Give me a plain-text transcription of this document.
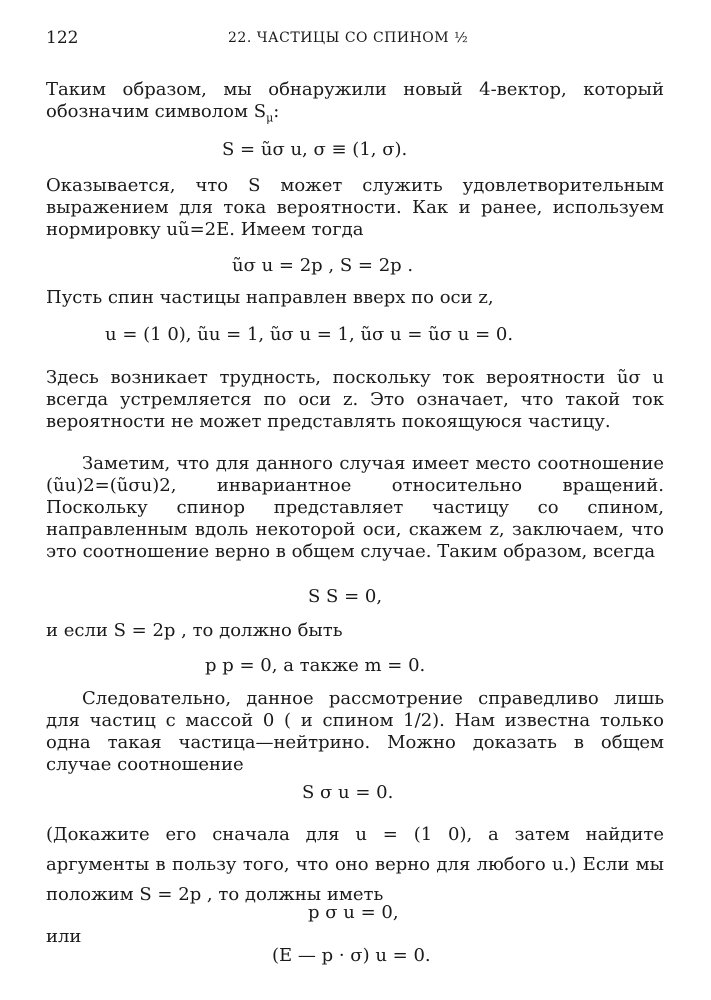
122	22. ЧАСТИЦЫ СО СПИНОМ ½

Таким образом, мы обнаружили новый 4-вектор, который обозначим символом $S_\mu$:

S = ũσ u, σ ≡ (1, σ).

Оказывается, что S может служить удовлетворительным выражением для тока вероятности. Как и ранее, используем нормировку uũ=2E. Имеем тогда

ũσ u = 2p , S = 2p .

Пусть спин частицы направлен вверх по оси z,

u = (1 0), ũu = 1, ũσ u = 1, ũσ u = ũσ u = 0.

Здесь возникает трудность, поскольку ток вероятности ũσ u всегда устремляется по оси z. Это означает, что такой ток вероятности не может представлять покоящуюся частицу.

Заметим, что для данного случая имеет место соотношение (ũu)2=(ũσu)2, инвариантное относительно вращений. Поскольку спинор представляет частицу со спином, направленным вдоль некоторой оси, скажем z, заключаем, что это соотношение верно в общем случае. Таким образом, всегда

S S = 0,

и если S = 2p , то должно быть

p p = 0, а также m = 0.

Следовательно, данное рассмотрение справедливо лишь для частиц с массой 0 ( и спином 1/2). Нам известна только одна такая частица—нейтрино. Можно доказать в общем случае соотношение

S σ u = 0.

(Докажите его сначала для u = (1 0), а затем найдите аргументы в пользу того, что оно верно для любого u.) Если мы положим S = 2p , то должны иметь

p σ u = 0,

или

(E — p · σ) u = 0.
